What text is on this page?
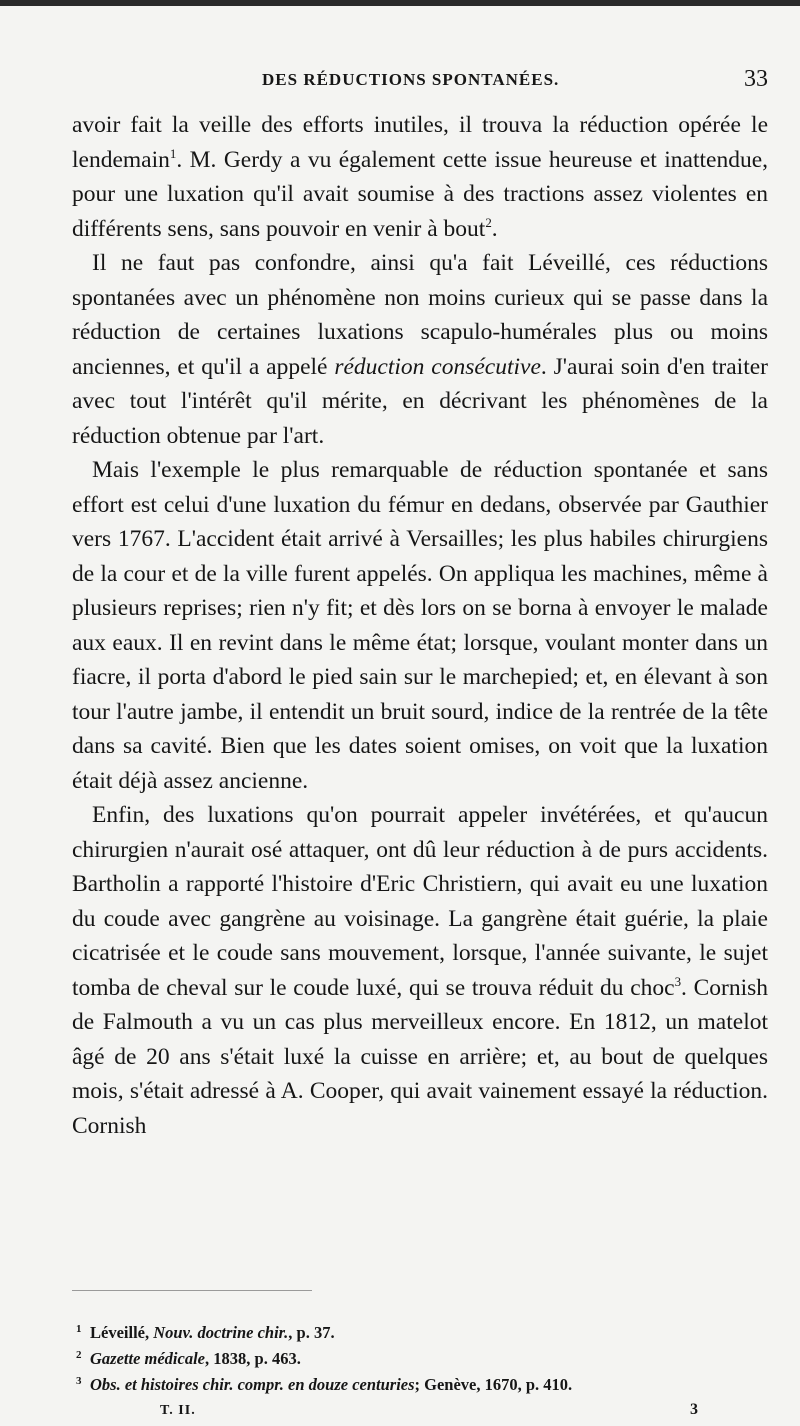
DES RÉDUCTIONS SPONTANÉES.	33

avoir fait la veille des efforts inutiles, il trouva la réduction opérée le lendemain$^1$. M. Gerdy a vu également cette issue heureuse et inattendue, pour une luxation qu'il avait soumise à des tractions assez violentes en différents sens, sans pouvoir en venir à bout$^2$.

Il ne faut pas confondre, ainsi qu'a fait Léveillé, ces réductions spontanées avec un phénomène non moins curieux qui se passe dans la réduction de certaines luxations scapulo-humérales plus ou moins anciennes, et qu'il a appelé réduction consécutive. J'aurai soin d'en traiter avec tout l'intérêt qu'il mérite, en décrivant les phénomènes de la réduction obtenue par l'art.

Mais l'exemple le plus remarquable de réduction spontanée et sans effort est celui d'une luxation du fémur en dedans, observée par Gauthier vers 1767. L'accident était arrivé à Versailles; les plus habiles chirurgiens de la cour et de la ville furent appelés. On appliqua les machines, même à plusieurs reprises; rien n'y fit; et dès lors on se borna à envoyer le malade aux eaux. Il en revint dans le même état; lorsque, voulant monter dans un fiacre, il porta d'abord le pied sain sur le marchepied; et, en élevant à son tour l'autre jambe, il entendit un bruit sourd, indice de la rentrée de la tête dans sa cavité. Bien que les dates soient omises, on voit que la luxation était déjà assez ancienne.

Enfin, des luxations qu'on pourrait appeler invétérées, et qu'aucun chirurgien n'aurait osé attaquer, ont dû leur réduction à de purs accidents. Bartholin a rapporté l'histoire d'Eric Christiern, qui avait eu une luxation du coude avec gangrène au voisinage. La gangrène était guérie, la plaie cicatrisée et le coude sans mouvement, lorsque, l'année suivante, le sujet tomba de cheval sur le coude luxé, qui se trouva réduit du choc$^3$. Cornish de Falmouth a vu un cas plus merveilleux encore. En 1812, un matelot âgé de 20 ans s'était luxé la cuisse en arrière; et, au bout de quelques mois, s'était adressé à A. Cooper, qui avait vainement essayé la réduction. Cornish

1 Léveillé, Nouv. doctrine chir., p. 37.
2 Gazette médicale, 1838, p. 463.
3 Obs. et histoires chir. compr. en douze centuries; Genève, 1670, p. 410.
T. II.	3
